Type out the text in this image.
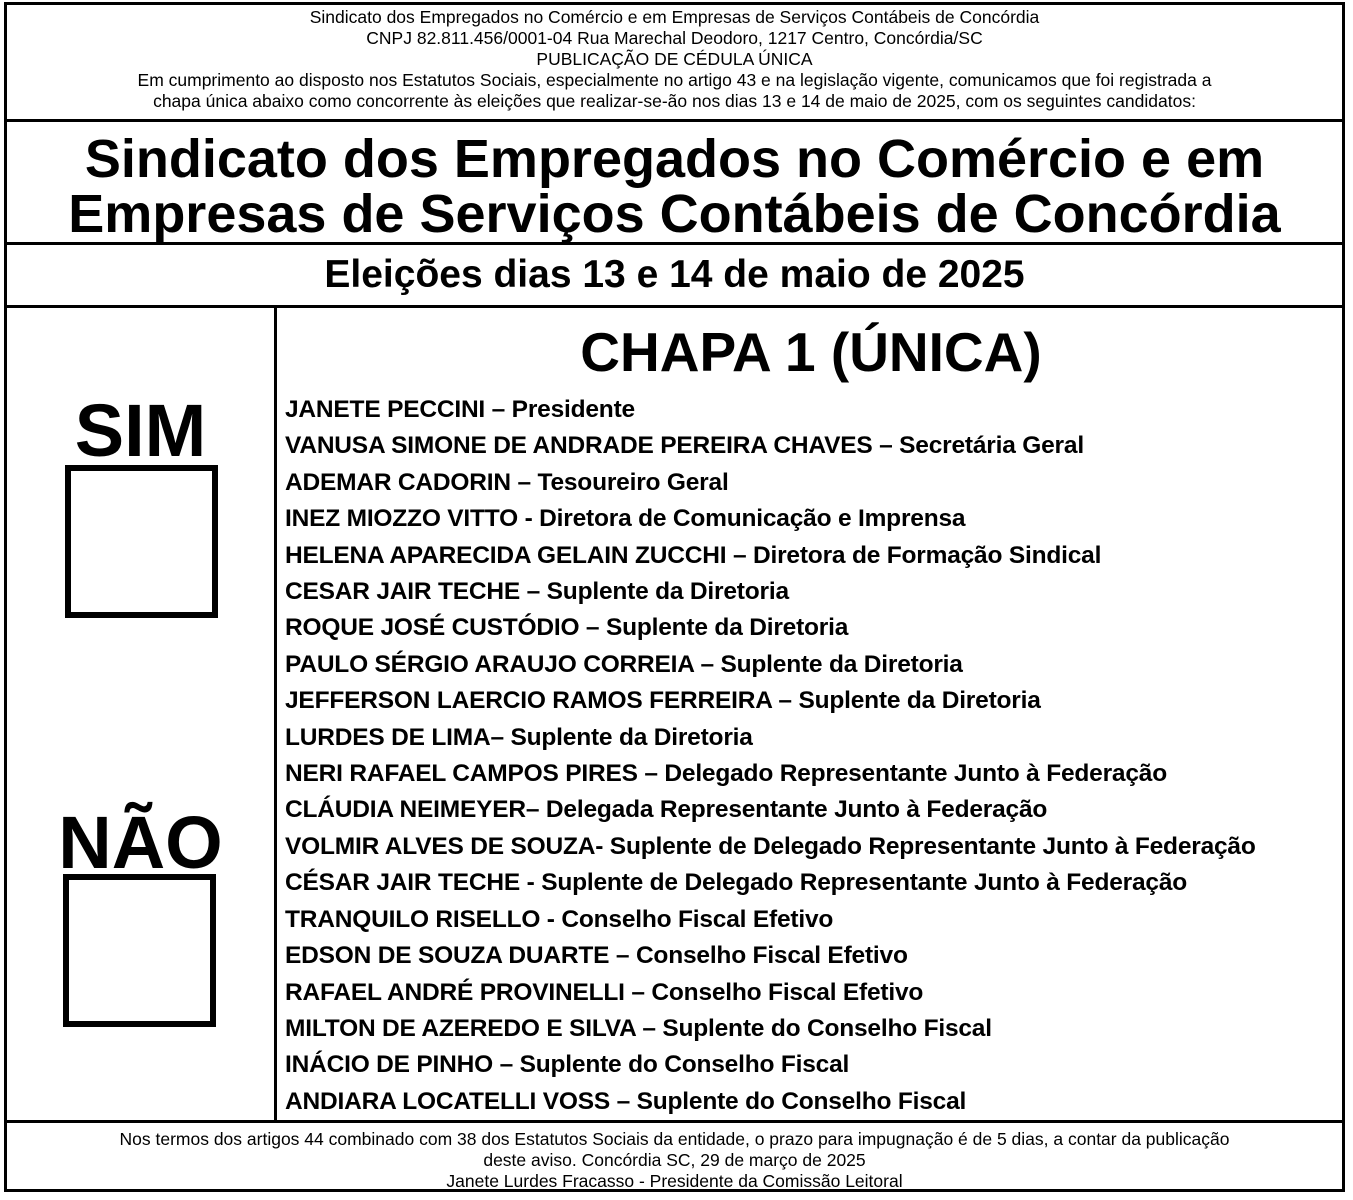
Sindicato dos Empregados no Comércio e em Empresas de Serviços Contábeis de Concórdia
CNPJ 82.811.456/0001-04 Rua Marechal Deodoro, 1217 Centro, Concórdia/SC
PUBLICAÇÃO DE CÉDULA ÚNICA
Em cumprimento ao disposto nos Estatutos Sociais, especialmente no artigo 43 e na legislação vigente, comunicamos que foi registrada a
chapa única abaixo como concorrente às eleições que realizar-se-ão nos dias 13 e 14 de maio de 2025, com os seguintes candidatos:
Sindicato dos Empregados no Comércio e em
Empresas de Serviços Contábeis de Concórdia
Eleições dias 13 e 14 de maio de 2025
SIM
NÃO
CHAPA 1 (ÚNICA)
JANETE PECCINI – Presidente
VANUSA SIMONE DE ANDRADE PEREIRA CHAVES – Secretária Geral
ADEMAR CADORIN – Tesoureiro Geral
INEZ MIOZZO VITTO - Diretora de Comunicação e Imprensa
HELENA APARECIDA GELAIN ZUCCHI – Diretora de Formação Sindical
CESAR JAIR TECHE – Suplente da Diretoria
ROQUE JOSÉ CUSTÓDIO – Suplente da Diretoria
PAULO SÉRGIO ARAUJO CORREIA – Suplente da Diretoria
JEFFERSON LAERCIO RAMOS FERREIRA – Suplente da Diretoria
LURDES DE LIMA– Suplente da Diretoria
NERI RAFAEL CAMPOS PIRES – Delegado Representante Junto à Federação
CLÁUDIA NEIMEYER– Delegada Representante Junto à Federação
VOLMIR ALVES DE SOUZA- Suplente de Delegado Representante Junto à Federação
CÉSAR JAIR TECHE - Suplente de Delegado Representante Junto à Federação
TRANQUILO RISELLO - Conselho Fiscal Efetivo
EDSON DE SOUZA DUARTE – Conselho Fiscal Efetivo
RAFAEL ANDRÉ PROVINELLI – Conselho Fiscal Efetivo
MILTON DE AZEREDO E SILVA – Suplente do Conselho Fiscal
INÁCIO DE PINHO – Suplente do Conselho Fiscal
ANDIARA LOCATELLI VOSS – Suplente do Conselho Fiscal
Nos termos dos artigos 44 combinado com 38 dos Estatutos Sociais da entidade, o prazo para impugnação é de 5 dias, a contar da publicação
deste aviso. Concórdia SC, 29 de março de 2025
Janete Lurdes Fracasso - Presidente da Comissão Leitoral
